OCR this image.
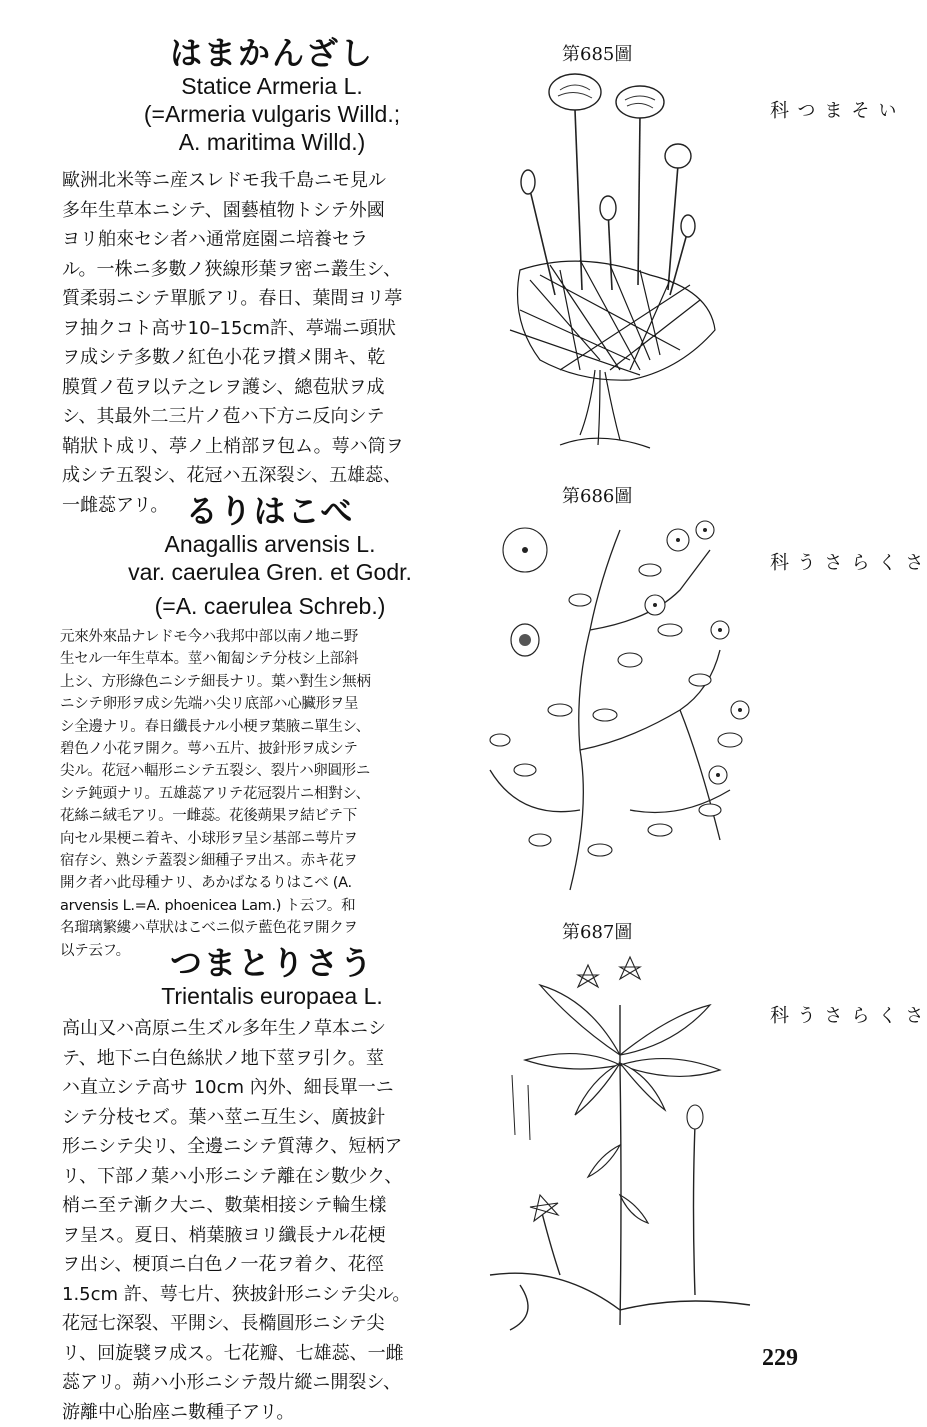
はまかんざし

Statice Armeria L.

(=Armeria vulgaris Willd.;

A. maritima Willd.)

歐洲北米等ニ産スレドモ我千島ニモ見ル
多年生草本ニシテ、園藝植物トシテ外國
ヨリ舶來セシ者ハ通常庭園ニ培養セラ
ル。一株ニ多數ノ狹線形葉ヲ密ニ叢生シ、
質柔弱ニシテ單脈アリ。春日、葉間ヨリ葶
ヲ抽クコト高サ10–15cm許、葶端ニ頭狀
ヲ成シテ多數ノ紅色小花ヲ攅メ開キ、乾
膜質ノ苞ヲ以テ之レヲ護シ、總苞狀ヲ成
シ、其最外二三片ノ苞ハ下方ニ反向シテ
鞘狀ト成リ、葶ノ上梢部ヲ包ム。萼ハ筒ヲ
成シテ五裂シ、花冠ハ五深裂シ、五雄蕊、
一雌蕊アリ。
第685圖
いそまつ科

るりはこべ

Anagallis arvensis L.

var. caerulea Gren. et Godr.

(=A. caerulea Schreb.)

元來外來品ナレドモ今ハ我邦中部以南ノ地ニ野
生セル一年生草本。莖ハ匍匐シテ分枝シ上部斜
上シ、方形綠色ニシテ細長ナリ。葉ハ對生シ無柄
ニシテ卵形ヲ成シ先端ハ尖リ底部ハ心臟形ヲ呈
シ全邊ナリ。春日纖長ナル小梗ヲ葉腋ニ單生シ、
碧色ノ小花ヲ開ク。萼ハ五片、披針形ヲ成シテ
尖ル。花冠ハ輻形ニシテ五裂シ、裂片ハ卵圓形ニ
シテ鈍頭ナリ。五雄蕊アリテ花冠裂片ニ相對シ、
花絲ニ絨毛アリ。一雌蕊。花後蒴果ヲ結ビテ下
向セル果梗ニ着キ、小球形ヲ呈シ基部ニ萼片ヲ
宿存シ、熟シテ蓋裂シ細種子ヲ出ス。赤キ花ヲ
開ク者ハ此母種ナリ、あかばなるりはこべ (A.
arvensis L.=A. phoenicea Lam.) ト云フ。和
名瑠璃繁縷ハ草狀はこべニ似テ藍色花ヲ開クヲ
以テ云フ。
第686圖
さくらさう科

つまとりさう

Trientalis europaea L.

高山又ハ高原ニ生ズル多年生ノ草本ニシ
テ、地下ニ白色絲狀ノ地下莖ヲ引ク。莖
ハ直立シテ高サ 10cm 內外、細長單一ニ
シテ分枝セズ。葉ハ莖ニ互生シ、廣披針
形ニシテ尖リ、全邊ニシテ質薄ク、短柄ア
リ、下部ノ葉ハ小形ニシテ離在シ數少ク、
梢ニ至テ漸ク大ニ、數葉相接シテ輪生樣
ヲ呈ス。夏日、梢葉腋ヨリ纖長ナル花梗
ヲ出シ、梗頂ニ白色ノ一花ヲ着ク、花徑
1.5cm 許、萼七片、狹披針形ニシテ尖ル。
花冠七深裂、平開シ、長橢圓形ニシテ尖
リ、回旋襞ヲ成ス。七花瓣、七雄蕊、一雌
蕊アリ。蒴ハ小形ニシテ殼片縱ニ開裂シ、
游離中心胎座ニ數種子アリ。
第687圖
さくらさう科
229
